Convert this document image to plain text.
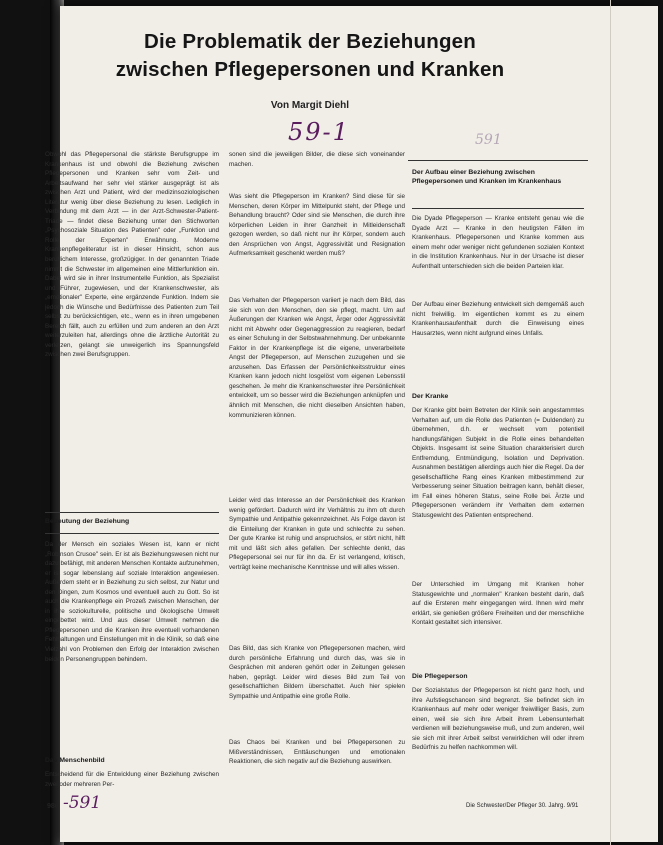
Die Problematik der Beziehungen
zwischen Pflegepersonen und Kranken
Von Margit Diehl
59-1	591

Obwohl das Pflegepersonal die stärkste Berufsgruppe im Krankenhaus ist und obwohl die Beziehung zwischen Pflegepersonen und Kranken sehr vom Zeit- und Arbeitsaufwand her sehr viel stärker ausgeprägt ist als zwischen Arzt und Patient, wird der medizinsoziologischen Literatur wenig über diese Beziehung zu lesen. Lediglich in Verbindung mit dem Arzt — in der Arzt-Schwester-Patient-Triade — findet diese Beziehung unter den Stichworten „Psychosoziale Situation des Patienten" oder „Funktion und Rolle der Experten" Erwähnung. Moderne Krankenpflegeliteratur ist in dieser Hinsicht, schon aus beruflichem Interesse, großzügiger. In der genannten Triade nimmt die Schwester im allgemeinen eine Mittlerfunktion ein. Dabei wird sie in ihrer Instrumentelle Funktion, als Spezialist und Führer, zugewiesen, und der Krankenschwester, als „emotionaler" Experte, eine ergänzende Funktion. Indem sie jedoch die Wünsche und Bedürfnisse des Patienten zum Teil selbst zu berücksichtigen, etc., wenn es in ihren umgebenen Bereich fällt, auch zu erfüllen und zum anderen an den Arzt weiterzuleiten hat, allerdings ohne die ärztliche Autorität zu verletzen, gelangt sie unweigerlich ins Spannungsfeld zwischen zwei Berufsgruppen.

Bedeutung der Beziehung

Da der Mensch ein soziales Wesen ist, kann er nicht „Robinson Crusoe" sein. Er ist als Beziehungswesen nicht nur dazu befähigt, mit anderen Menschen Kontakte aufzunehmen, er ist sogar lebenslang auf soziale Interaktion angewiesen. Außerdem steht er in Beziehung zu sich selbst, zur Natur und den Dingen, zum Kosmos und eventuell auch zu Gott. So ist auch die Krankenpflege ein Prozeß zwischen Menschen, der in ihre soziokulturelle, politische und ökologische Umwelt eingebettet wird. Und aus dieser Umwelt nehmen die Pflegepersonen und die Kranken ihre eventuell vorhandenen Fehlhaltungen und Einstellungen mit in die Klinik, so daß eine Vielzahl von Problemen den Erfolg der Interaktion zwischen beiden Personengruppen behindern.

Das Menschenbild

Entscheidend für die Entwicklung einer Beziehung zwischen zwei oder mehreren Per-

sonen sind die jeweiligen Bilder, die diese sich voneinander machen.

Was sieht die Pflegeperson im Kranken? Sind diese für sie Menschen, deren Körper im Mittelpunkt steht, der Pflege und Behandlung braucht? Oder sind sie Menschen, die durch ihre körperlichen Leiden in ihrer Ganzheit in Mitleidenschaft gezogen werden, so daß nicht nur ihr Körper, sondern auch den Ansprüchen von Angst, Aggressivität und Resignation Aufmerksamkeit geschenkt werden muß?

Das Verhalten der Pflegeperson variiert je nach dem Bild, das sie sich von den Menschen, den sie pflegt, macht. Um auf Äußerungen der Kranken wie Angst, Ärger oder Aggressivität nicht mit Abwehr oder Gegenaggression zu reagieren, bedarf es einer Schulung in der Selbstwahrnehmung. Der unbekannte Faktor in der Krankenpflege ist die eigene, unverarbeitete Angst der Pflegeperson, auf Menschen zuzugehen und sie anzusehen. Das Erfassen der Persönlichkeitsstruktur eines Kranken kann jedoch nicht losgelöst vom eigenen Lebensstil geschehen. Je mehr die Krankenschwester ihre Persönlichkeit entwickelt, um so besser wird die Beziehungen anknüpfen und ähnlich mit Menschen, die nicht dieselben Ansichten haben, kommunizieren können.

Leider wird das Interesse an der Persönlichkeit des Kranken wenig gefördert. Dadurch wird ihr Verhältnis zu ihm oft durch Sympathie und Antipathie gekennzeichnet. Als Folge davon ist die Einteilung der Kranken in gute und schlechte zu sehen. Der gute Kranke ist ruhig und anspruchslos, er stört nicht, hilft mit und läßt sich alles gefallen. Der schlechte denkt, das Pflegepersonal sei nur für ihn da. Er ist verlangend, kritisch, verträgt keine mechanische Kenntnisse und will alles wissen.

Das Bild, das sich Kranke von Pflegepersonen machen, wird durch persönliche Erfahrung und durch das, was sie in Gesprächen mit anderen gehört oder in Zeitungen gelesen haben, geprägt. Leider wird dieses Bild zum Teil von gesellschaftlichen Bildern überschattet. Auch hier spielen Sympathie und Antipathie eine große Rolle.

Das Chaos bei Kranken und bei Pflegepersonen zu Mißverständnissen, Enttäuschungen und emotionalen Reaktionen, die sich negativ auf die Beziehung auswirken.

Der Aufbau einer Beziehung zwischen Pflegepersonen und Kranken im Krankenhaus

Die Dyade Pflegeperson — Kranke entsteht genau wie die Dyade Arzt — Kranke in den heutigsten Fällen im Krankenhaus. Pflegepersonen und Kranke kommen aus einem mehr oder weniger nicht gefundenen sozialen Kontext in die Institution Krankenhaus. Nur in der Ursache ist dieser Aufenthalt unterschieden sich die beiden Parteien klar.

Der Aufbau einer Beziehung entwickelt sich demgemäß auch nicht freiwillig. Im eigentlichen kommt es zu einem Krankenhausaufenthalt durch die Einweisung eines Hausarztes, wenn nicht aufgrund eines Unfalls.

Der Kranke

Der Kranke gibt beim Betreten der Klinik sein angestammtes Verhalten auf, um die Rolle des Patienten (= Duldenden) zu übernehmen, d.h. er wechselt vom potentiell handlungsfähigen Subjekt in die Rolle eines behandelten Objekts. Insgesamt ist seine Situation charakterisiert durch Entfremdung, Entmündigung, Isolation und Deprivation. Ausnahmen bestätigen allerdings auch hier die Regel. Da der gesellschaftliche Rang eines Kranken mitbestimmend zur Verbesserung seiner Situation beitragen kann, behält dieser, im Fall eines höheren Status, seine Rolle bei. Ärzte und Pflegepersonen verändern ihr Verhalten dem externen Statusgewicht des Patienten entsprechend.

Der Unterschied im Umgang mit Kranken hoher Statusgewichte und „normalen" Kranken besteht darin, daß auf die Ersteren mehr eingegangen wird. Ihnen wird mehr erklärt, sie genießen größere Freiheiten und der menschliche Kontakt gestaltet sich intensiver.

Die Pflegeperson

Der Sozialstatus der Pflegeperson ist nicht ganz hoch, und ihre Aufstiegschancen sind begrenzt. Sie befindet sich im Krankenhaus auf mehr oder weniger freiwilliger Basis, zum einen, weil sie sich ihre Arbeit ihrem Lebensunterhalt verdienen will beziehungsweise muß, und zum anderen, weil sie sich mit ihrer Arbeit selbst verwirklichen will oder ihrem Bedürfnis zu helfen nachkommen will.

986 -591	Die Schwester/Der Pfleger 30. Jahrg. 9/91
